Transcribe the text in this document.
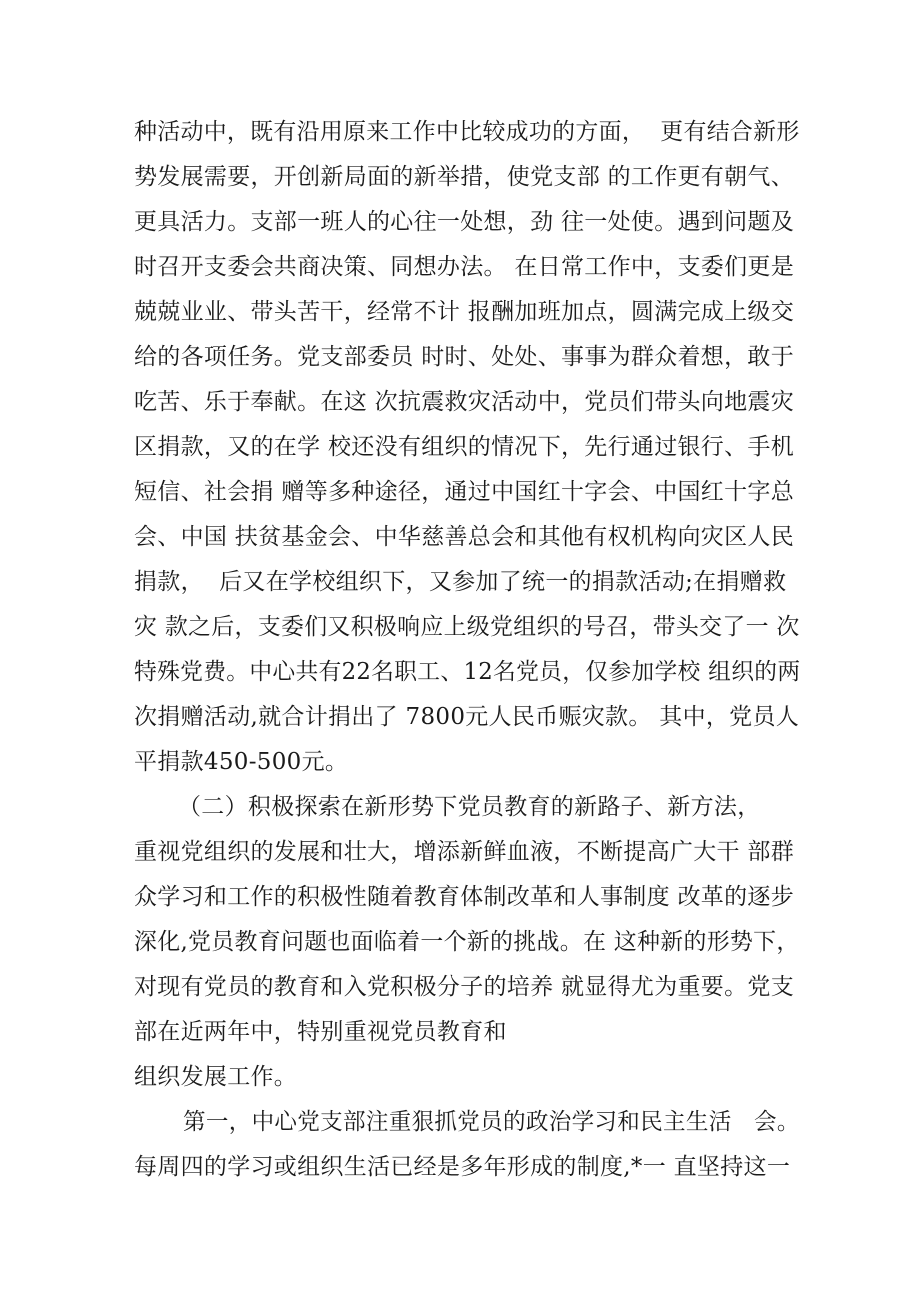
种活动中，既有沿用原来工作中比较成功的方面，  更有结合新形
势发展需要，开创新局面的新举措，使党支部 的工作更有朝气、
更具活力。支部一班人的心往一处想，劲 往一处使。遇到问题及
时召开支委会共商决策、同想办法。 在日常工作中，支委们更是
兢兢业业、带头苦干，经常不计 报酬加班加点，圆满完成上级交
给的各项任务。党支部委员 时时、处处、事事为群众着想，敢于
吃苦、乐于奉献。在这 次抗震救灾活动中，党员们带头向地震灾
区捐款，又的在学 校还没有组织的情况下，先行通过银行、手机
短信、社会捐 赠等多种途径，通过中国红十字会、中国红十字总
会、中国 扶贫基金会、中华慈善总会和其他有权机构向灾区人民
捐款，  后又在学校组织下，又参加了统一的捐款活动;在捐赠救
灾 款之后，支委们又积极响应上级党组织的号召，带头交了一 次
特殊党费。中心共有22名职工、12名党员，仅参加学校 组织的两
次捐赠活动,就合计捐出了 7800元人民币赈灾款。 其中，党员人
平捐款450-500元。
（二）积极探索在新形势下党员教育的新路子、新方法，
重视党组织的发展和壮大，增添新鲜血液，不断提高广大干 部群
众学习和工作的积极性随着教育体制改革和人事制度 改革的逐步
深化,党员教育问题也面临着一个新的挑战。在 这种新的形势下，
对现有党员的教育和入党积极分子的培养 就显得尤为重要。党支
部在近两年中，特别重视党员教育和
组织发展工作。
第一，中心党支部注重狠抓党员的政治学习和民主生活   会。
每周四的学习或组织生活已经是多年形成的制度,*一 直坚持这一
